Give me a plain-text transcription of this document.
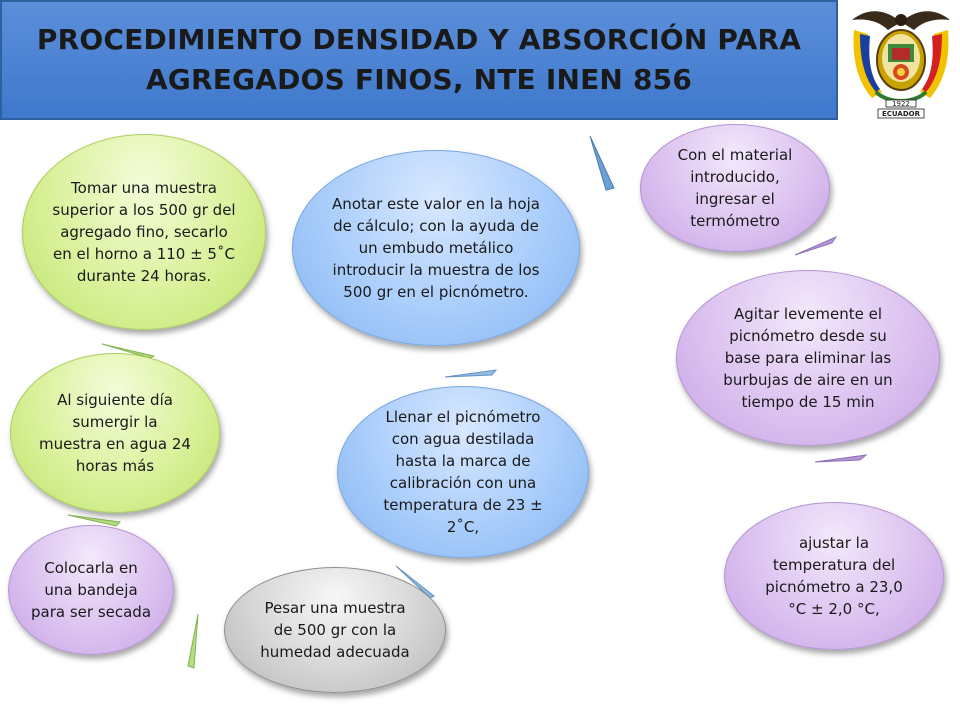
PROCEDIMIENTO DENSIDAD Y ABSORCIÓN PARA
AGREGADOS FINOS, NTE INEN 856
1922
ECUADOR
Tomar una muestra superior a los 500 gr del agregado fino, secarlo en el horno a 110 ± 5˚C durante 24 horas.
Al siguiente día sumergir la muestra en agua 24 horas más
Colocarla en una bandeja para ser secada	Pesar una muestra de 500 gr con la humedad adecuada
Llenar el picnómetro con agua destilada hasta la marca de calibración con una temperatura de 23 ± 2˚C,
Anotar este valor en la hoja de cálculo; con la ayuda de un embudo metálico introducir la muestra de los 500 gr en el picnómetro.
Con el material introducido, ingresar el termómetro
Agitar levemente el picnómetro desde su base para eliminar las burbujas de aire en un tiempo de 15 min
ajustar la temperatura del picnómetro a 23,0 °C ± 2,0 °C,
